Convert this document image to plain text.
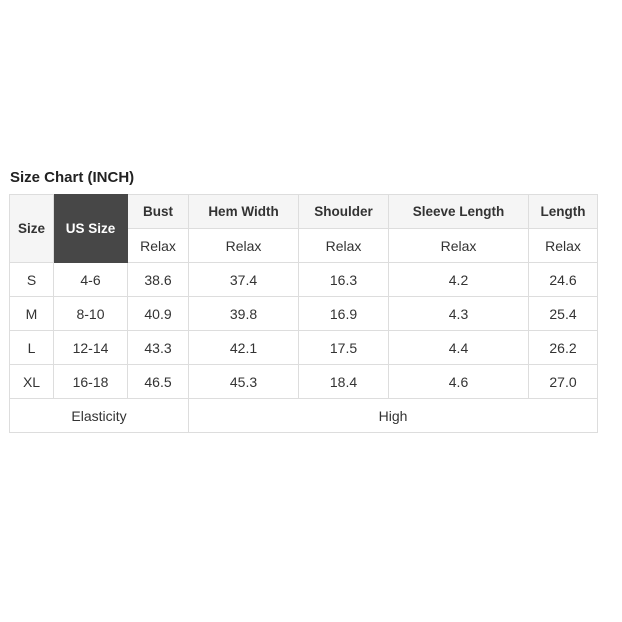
Size Chart (INCH)
Size	US Size	Bust	Hem Width	Shoulder	Sleeve Length	Length
		Relax	Relax	Relax	Relax	Relax
S	4-6	38.6	37.4	16.3	4.2	24.6
M	8-10	40.9	39.8	16.9	4.3	25.4
L	12-14	43.3	42.1	17.5	4.4	26.2
XL	16-18	46.5	45.3	18.4	4.6	27.0
Elasticity			High			
